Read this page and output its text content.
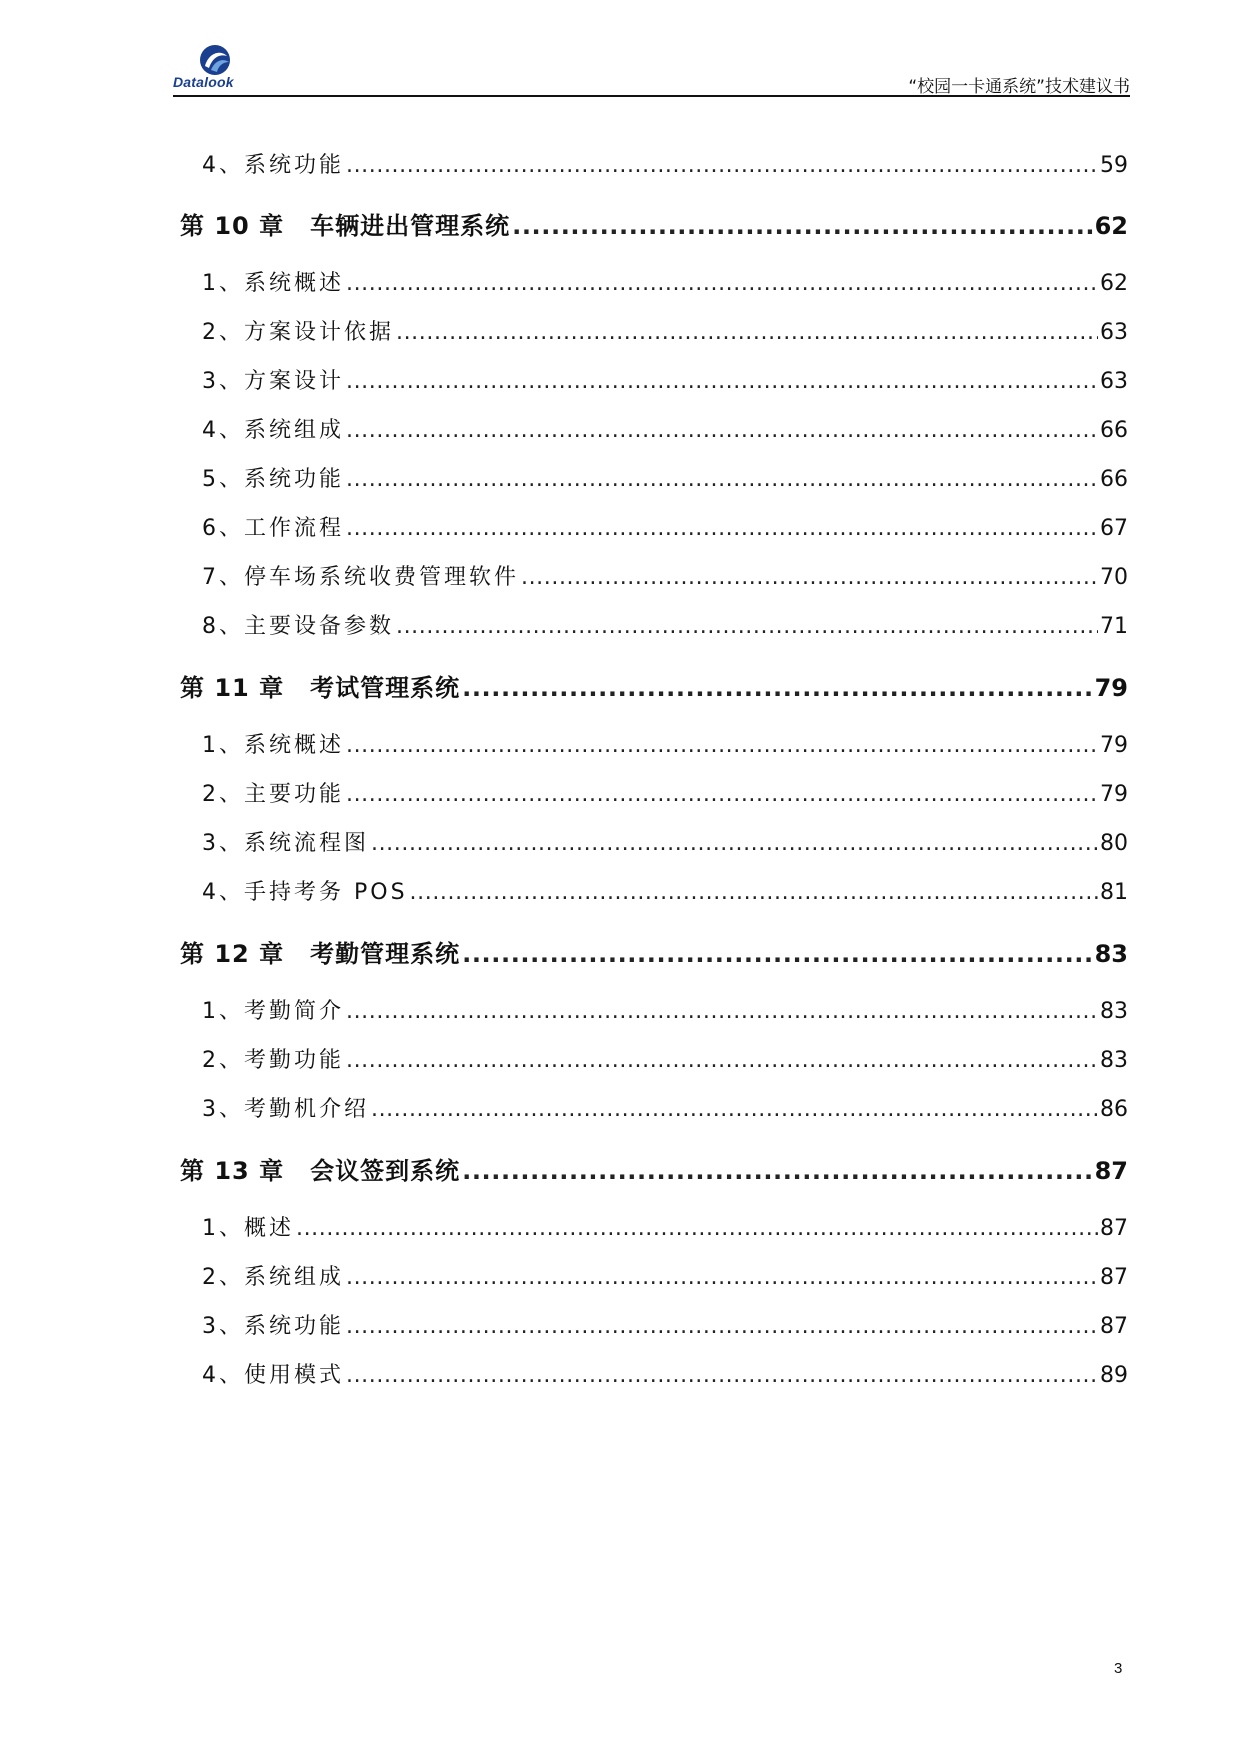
Datalook	“校园一卡通系统”技术建议书
4、系统功能 .....	59
第 10 章 车辆进出管理系统 .....	62
1、系统概述 .....	62
2、方案设计依据 .....	63
3、方案设计 .....	63
4、系统组成 .....	66
5、系统功能 .....	66
6、工作流程 .....	67
7、停车场系统收费管理软件 .....	70
8、主要设备参数 .....	71
第 11 章 考试管理系统 .....	79
1、系统概述 .....	79
2、主要功能 .....	79
3、系统流程图 .....	80
4、手持考务 POS .....	81
第 12 章 考勤管理系统 .....	83
1、考勤简介 .....	83
2、考勤功能 .....	83
3、考勤机介绍 .....	86
第 13 章 会议签到系统 .....	87
1、概述 .....	87
2、系统组成 .....	87
3、系统功能 .....	87
4、使用模式 .....	89
3
